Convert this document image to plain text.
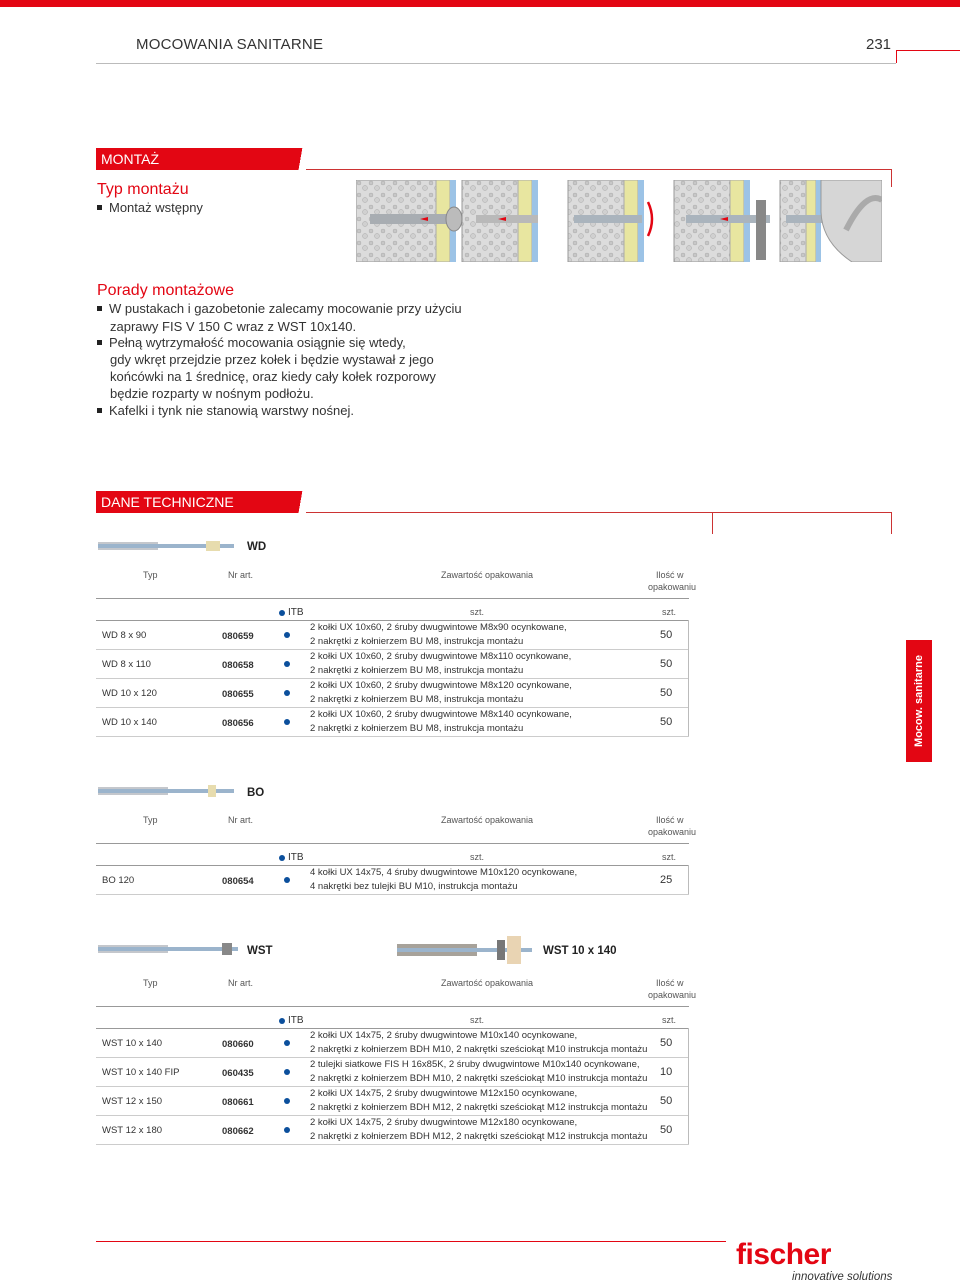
MOCOWANIA SANITARNE	231
MONTAŻ
Typ montażu
Montaż wstępny
Porady montażowe
W pustakach i gazobetonie zalecamy mocowanie przy użyciu
zaprawy FIS V 150 C wraz z WST 10x140.
Pełną wytrzymałość mocowania osiągnie się wtedy,
gdy wkręt przejdzie przez kołek i będzie wystawał z jego
końcówki na 1 średnicę, oraz kiedy cały kołek rozporowy
będzie rozparty w nośnym podłożu.
Kafelki i tynk nie stanowią warstwy nośnej.
DANE TECHNICZNE
WD
Typ	Nr art.	Zawartość opakowania	Ilość w
opakowaniu
ITB	szt.	szt.
WD 8 x 90	080659
2 kołki UX 10x60, 2 śruby dwugwintowe M8x90 ocynkowane,
2 nakrętki z kołnierzem BU M8, instrukcja montażu
50
WD 8 x 110	080658
2 kołki UX 10x60, 2 śruby dwugwintowe M8x110 ocynkowane,
2 nakrętki z kołnierzem BU M8, instrukcja montażu
50
WD 10 x 120	080655
2 kołki UX 10x60, 2 śruby dwugwintowe M8x120 ocynkowane,
2 nakrętki z kołnierzem BU M8, instrukcja montażu
50
WD 10 x 140	080656
2 kołki UX 10x60, 2 śruby dwugwintowe M8x140 ocynkowane,
2 nakrętki z kołnierzem BU M8, instrukcja montażu
50
BO
Typ	Nr art.	Zawartość opakowania	Ilość w
opakowaniu
ITB	szt.	szt.
BO 120	080654
4 kołki UX 14x75, 4 śruby dwugwintowe M10x120 ocynkowane,
4 nakrętki bez tulejki BU M10, instrukcja montażu
25
WST	WST 10 x 140
Typ	Nr art.	Zawartość opakowania	Ilość w
opakowaniu
ITB	szt.	szt.
WST 10 x 140	080660
2 kołki UX 14x75, 2 śruby dwugwintowe M10x140 ocynkowane,
2 nakrętki z kołnierzem BDH M10, 2 nakrętki sześciokąt M10 instrukcja montażu
50
WST 10 x 140 FIP	060435
2 tulejki siatkowe FIS H 16x85K, 2 śruby dwugwintowe M10x140 ocynkowane,
2 nakrętki z kołnierzem BDH M10, 2 nakrętki sześciokąt M10 instrukcja montażu
10
WST 12 x 150	080661
2 kołki UX 14x75, 2 śruby dwugwintowe M12x150 ocynkowane,
2 nakrętki z kołnierzem BDH M12, 2 nakrętki sześciokąt M12 instrukcja montażu
50
WST 12 x 180	080662
2 kołki UX 14x75, 2 śruby dwugwintowe M12x180 ocynkowane,
2 nakrętki z kołnierzem BDH M12, 2 nakrętki sześciokąt M12 instrukcja montażu
50
Mocow. sanitarne
fischer
innovative solutions
